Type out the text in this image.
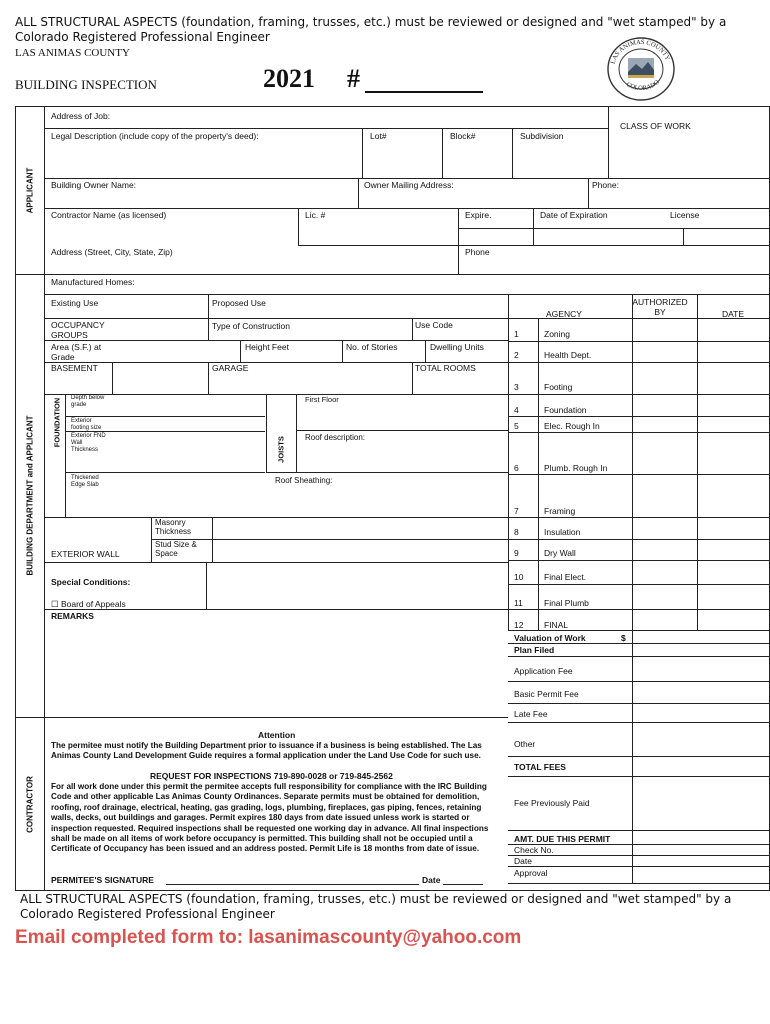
ALL STRUCTURAL ASPECTS (foundation, framing, trusses, etc.) must be reviewed or designed and "wet stamped" by a Colorado Registered Professional Engineer
LAS ANIMAS COUNTY
BUILDING INSPECTION	2021 #
LAS ANIMAS COUNTY
COLORADO
APPLICANT
BUILDING DEPARTMENT and APPLICANT
CONTRACTOR
Address of Job:
CLASS OF WORK
Legal Description (include copy of the property's deed):	Lot#	Block#	Subdivision
Building Owner Name:	Owner Mailing Address:	Phone:
Contractor Name (as licensed)	Lic. #	Expire.	Date of Expiration	License
Address (Street, City, State, Zip)	Phone
Manufactured Homes:
Existing Use	Proposed Use
OCCUPANCY GROUPS
Type of Construction	Use Code
Area (S.F.) at Grade
Height Feet	No. of Stories	Dwelling Units
BASEMENT	GARAGE	TOTAL ROOMS
FOUNDATION Depth below grade
Exterior footing size
Exterior FND Wall Thickness
Thickened Edge Slab
JOISTS
First Floor
Roof description:
Roof Sheathing:
Masonry Thickness
Stud Size & Space
EXTERIOR WALL
Special Conditions:
☐ Board of Appeals
REMARKS
AGENCY
AUTHORIZED BY	DATE
1	Zoning
2	Health Dept.
3	Footing
4	Foundation
5	Elec. Rough In
6	Plumb. Rough In
7	Framing
8	Insulation
9	Dry Wall
10 Final Elect.
11 Final Plumb
12 FINAL
Valuation of Work	$
Plan Filed
Application Fee
Basic Permit Fee
Late Fee
Other
TOTAL FEES
Fee Previously Paid
AMT. DUE THIS PERMIT
Check No.
Date
Approval
Attention
The permitee must notify the Building Department prior to issuance if a business is being established. The Las Animas County Land Development Guide requires a formal application under the Land Use Code for such use.
REQUEST FOR INSPECTIONS 719-890-0028 or 719-845-2562
For all work done under this permit the permitee accepts full responsibility for compliance with the IRC Building Code and other applicable Las Animas County Ordinances. Separate permits must be obtained for demolition, roofing, roof drainage, electrical, heating, gas grading, logs, plumbing, fireplaces, gas piping, fences, retaining walls, decks, out buildings and garages. Permit expires 180 days from date issued unless work is started or inspection requested. Required inspections shall be requested one working day in advance. All final inspections shall be made on all items of work before occupancy is permitted. This building shall not be occupied until a Certificate of Occupancy has been issued and an address posted. Permit Life is 18 months from date of issue.
PERMITEE'S SIGNATURE	Date
ALL STRUCTURAL ASPECTS (foundation, framing, trusses, etc.) must be reviewed or designed and "wet stamped" by a Colorado Registered Professional Engineer
Email completed form to: lasanimascounty@yahoo.com
